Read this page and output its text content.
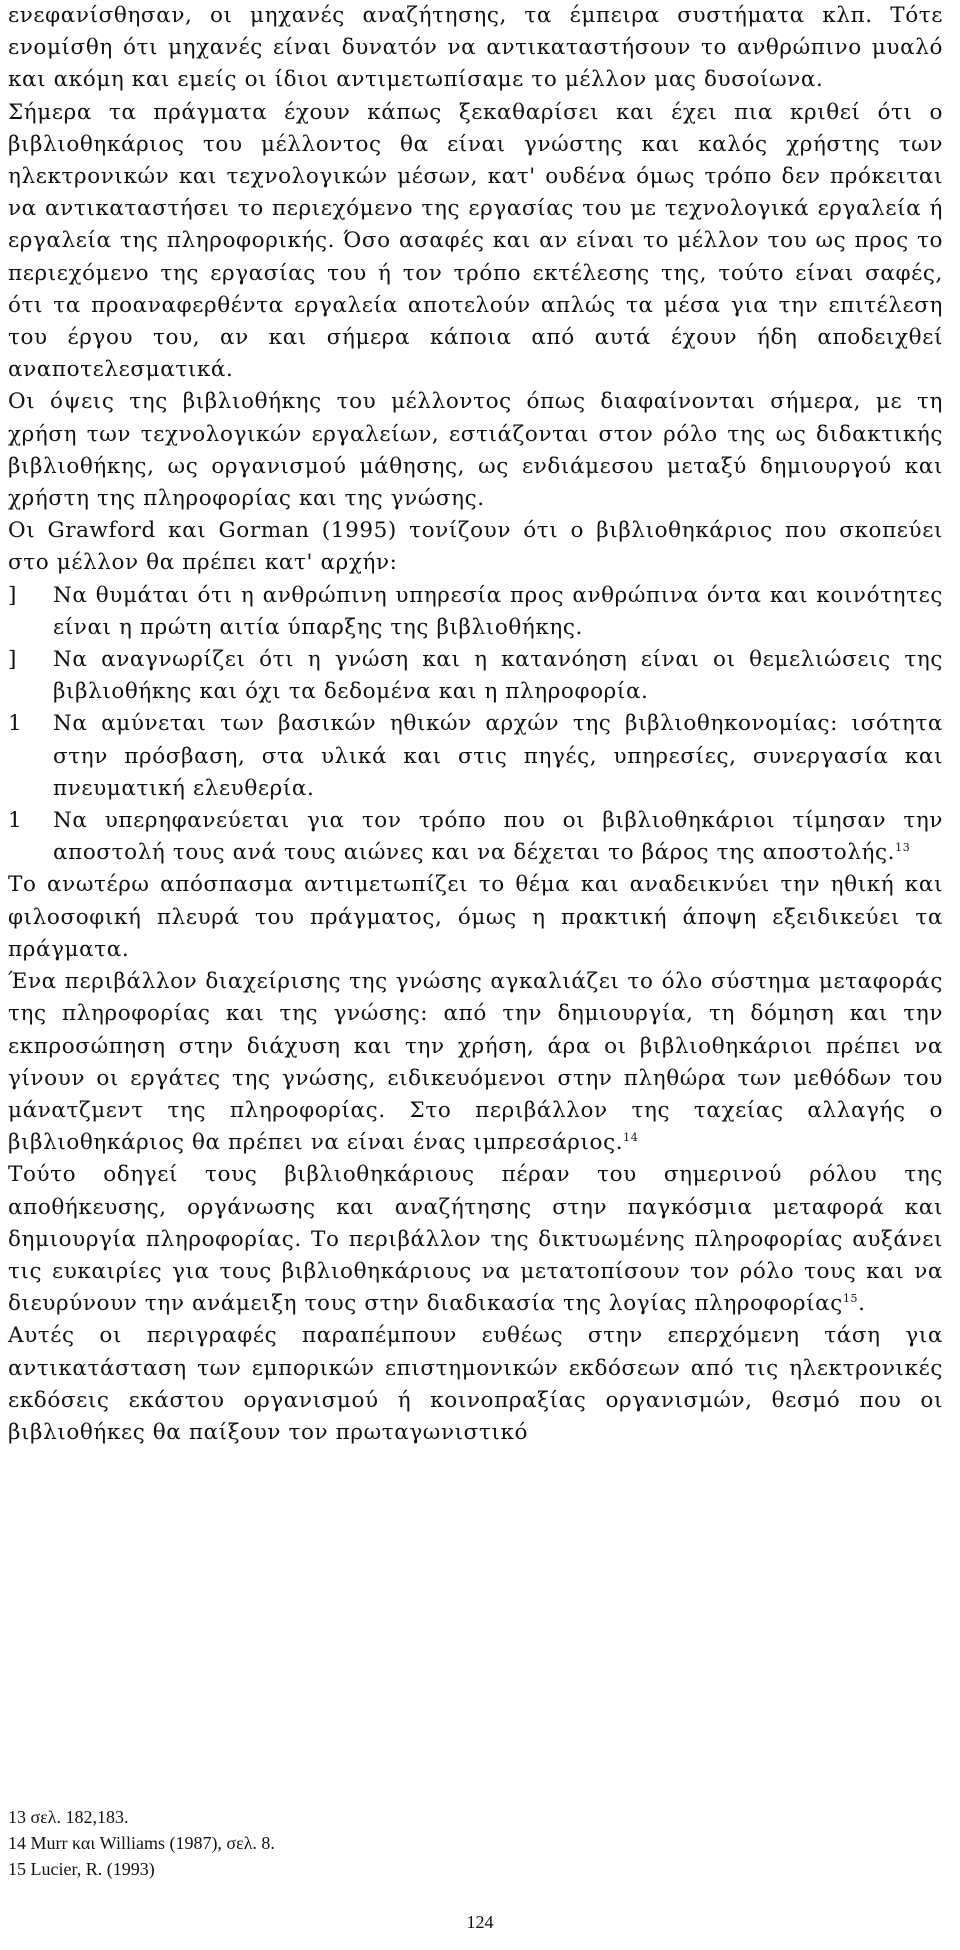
ενεφανίσθησαν, οι μηχανές αναζήτησης, τα έμπειρα συστήματα κλπ. Τότε ενομίσθη ότι μηχανές είναι δυνατόν να αντικαταστήσουν το ανθρώπινο μυαλό και ακόμη και εμείς οι ίδιοι αντιμετωπίσαμε το μέλλον μας δυσοίωνα.

Σήμερα τα πράγματα έχουν κάπως ξεκαθαρίσει και έχει πια κριθεί ότι ο βιβλιοθηκάριος του μέλλοντος θα είναι γνώστης και καλός χρήστης των ηλεκτρονικών και τεχνολογικών μέσων, κατ' ουδένα όμως τρόπο δεν πρόκειται να αντικαταστήσει το περιεχόμενο της εργασίας του με τεχνολογικά εργαλεία ή εργαλεία της πληροφορικής. Όσο ασαφές και αν είναι το μέλλον του ως προς το περιεχόμενο της εργασίας του ή τον τρόπο εκτέλεσης της, τούτο είναι σαφές, ότι τα προαναφερθέντα εργαλεία αποτελούν απλώς τα μέσα για την επιτέλεση του έργου του, αν και σήμερα κάποια από αυτά έχουν ήδη αποδειχθεί αναποτελεσματικά.

Οι όψεις της βιβλιοθήκης του μέλλοντος όπως διαφαίνονται σήμερα, με τη χρήση των τεχνολογικών εργαλείων, εστιάζονται στον ρόλο της ως διδακτικής βιβλιοθήκης, ως οργανισμού μάθησης, ως ενδιάμεσου μεταξύ δημιουργού και χρήστη της πληροφορίας και της γνώσης.

Οι Grawford και Gorman (1995) τονίζουν ότι ο βιβλιοθηκάριος που σκοπεύει στο μέλλον θα πρέπει κατ' αρχήν:

] Να θυμάται ότι η ανθρώπινη υπηρεσία προς ανθρώπινα όντα και κοινότητες είναι η πρώτη αιτία ύπαρξης της βιβλιοθήκης.

] Να αναγνωρίζει ότι η γνώση και η κατανόηση είναι οι θεμελιώσεις της βιβλιοθήκης και όχι τα δεδομένα και η πληροφορία.

1 Να αμύνεται των βασικών ηθικών αρχών της βιβλιοθηκονομίας: ισότητα στην πρόσβαση, στα υλικά και στις πηγές, υπηρεσίες, συνεργασία και πνευματική ελευθερία.

1 Να υπερηφανεύεται για τον τρόπο που οι βιβλιοθηκάριοι τίμησαν την αποστολή τους ανά τους αιώνες και να δέχεται το βάρος της αποστολής.$^{13}$

Το ανωτέρω απόσπασμα αντιμετωπίζει το θέμα και αναδεικνύει την ηθική και φιλοσοφική πλευρά του πράγματος, όμως η πρακτική άποψη εξειδικεύει τα πράγματα.

Ένα περιβάλλον διαχείρισης της γνώσης αγκαλιάζει το όλο σύστημα μεταφοράς της πληροφορίας και της γνώσης: από την δημιουργία, τη δόμηση και την εκπροσώπηση στην διάχυση και την χρήση, άρα οι βιβλιοθηκάριοι πρέπει να γίνουν οι εργάτες της γνώσης, ειδικευόμενοι στην πληθώρα των μεθόδων του μάνατζμεντ της πληροφορίας. Στο περιβάλλον της ταχείας αλλαγής ο βιβλιοθηκάριος θα πρέπει να είναι ένας ιμπρεσάριος.$^{14}$

Τούτο οδηγεί τους βιβλιοθηκάριους πέραν του σημερινού ρόλου της αποθήκευσης, οργάνωσης και αναζήτησης στην παγκόσμια μεταφορά και δημιουργία πληροφορίας. Το περιβάλλον της δικτυωμένης πληροφορίας αυξάνει τις ευκαιρίες για τους βιβλιοθηκάριους να μετατοπίσουν τον ρόλο τους και να διευρύνουν την ανάμειξη τους στην διαδικασία της λογίας πληροφορίας$^{15}$.

Αυτές οι περιγραφές παραπέμπουν ευθέως στην επερχόμενη τάση για αντικατάσταση των εμπορικών επιστημονικών εκδόσεων από τις ηλεκτρονικές εκδόσεις εκάστου οργανισμού ή κοινοπραξίας οργανισμών, θεσμό που οι βιβλιοθήκες θα παίξουν τον πρωταγωνιστικό

13 σελ. 182,183.
14 Murr και Williams (1987), σελ. 8.
15 Lucier, R. (1993)
124
